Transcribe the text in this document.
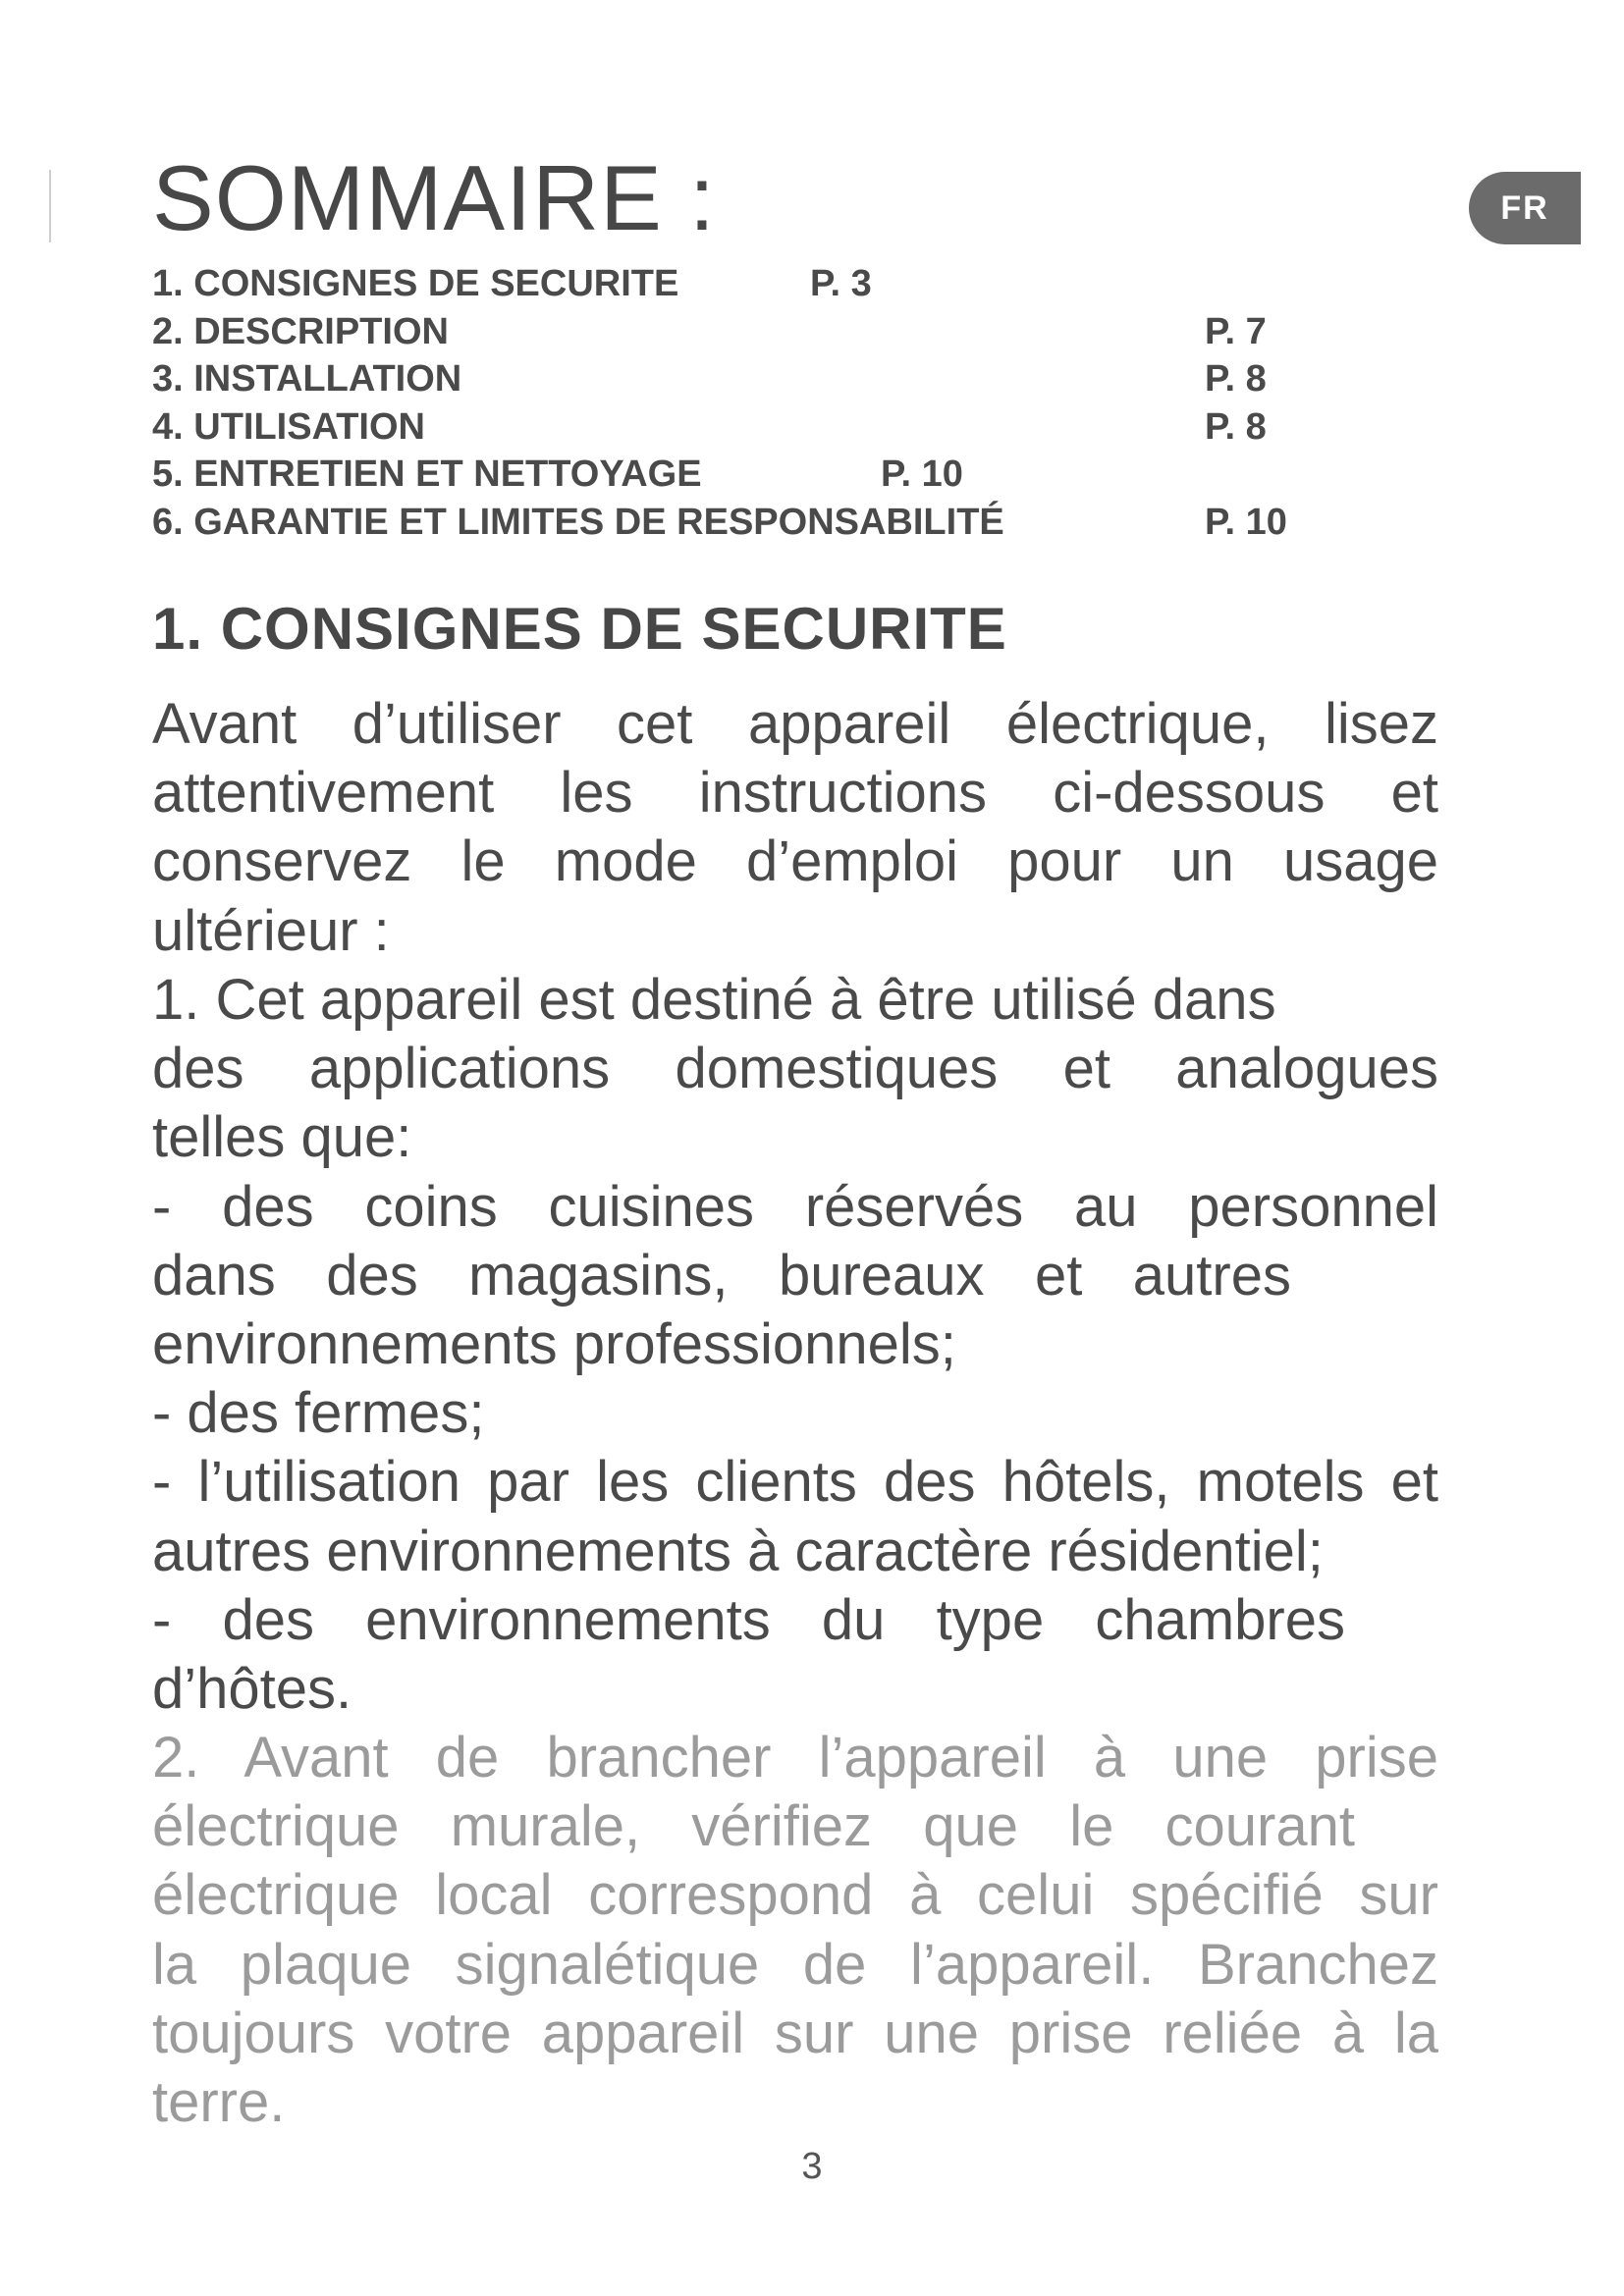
SOMMAIRE :	FR
1. CONSIGNES DE SECURITE	P. 3
2. DESCRIPTION	P. 7
3. INSTALLATION	P. 8
4. UTILISATION	P. 8
5. ENTRETIEN ET NETTOYAGE	P. 10
6. GARANTIE ET LIMITES DE RESPONSABILITÉ	P. 10
1. CONSIGNES DE SECURITE
Avant d’utiliser cet appareil électrique, lisez
attentivement les instructions ci-dessous et
conservez le mode d’emploi pour un usage
ultérieur :
1. Cet appareil est destiné à être utilisé dans
des applications domestiques et analogues
telles que:
- des coins cuisines réservés au personnel
dans des magasins, bureaux et autres
environnements professionnels;
- des fermes;
- l’utilisation par les clients des hôtels, motels et
autres environnements à caractère résidentiel;
- des environnements du type chambres
d’hôtes.
2. Avant de brancher l’appareil à une prise
électrique murale, vérifiez que le courant
électrique local correspond à celui spécifié sur
la plaque signalétique de l’appareil. Branchez
toujours votre appareil sur une prise reliée à la
terre.
3
